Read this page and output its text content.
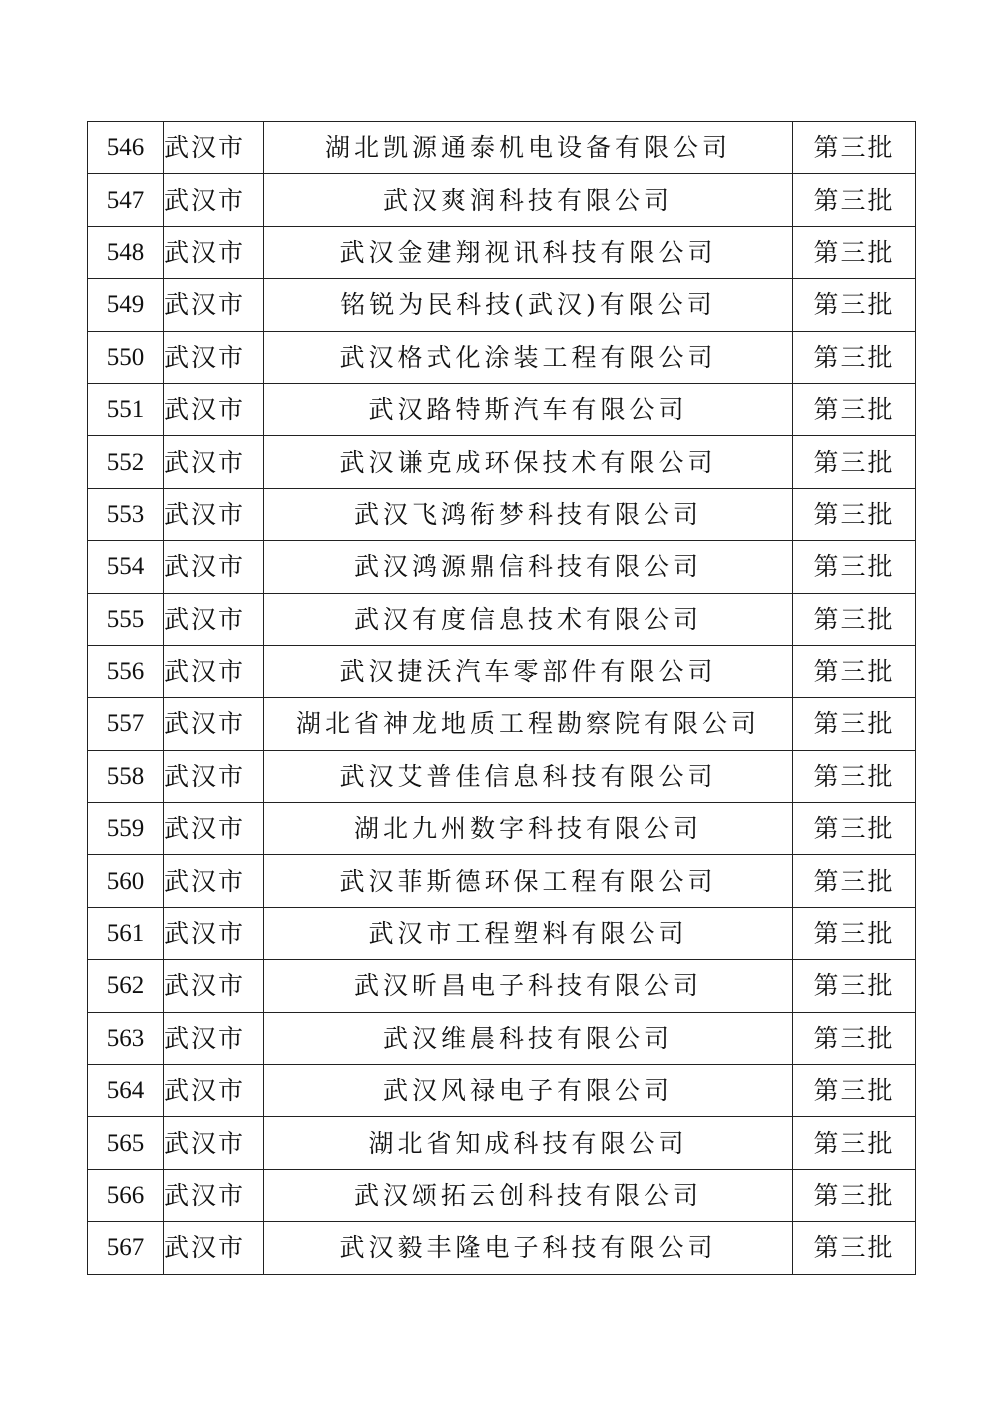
546	武汉市	湖北凯源通泰机电设备有限公司	第三批
547	武汉市	武汉爽润科技有限公司	第三批
548	武汉市	武汉金建翔视讯科技有限公司	第三批
549	武汉市	铭锐为民科技(武汉)有限公司	第三批
550	武汉市	武汉格式化涂装工程有限公司	第三批
551	武汉市	武汉路特斯汽车有限公司	第三批
552	武汉市	武汉谦克成环保技术有限公司	第三批
553	武汉市	武汉飞鸿衔梦科技有限公司	第三批
554	武汉市	武汉鸿源鼎信科技有限公司	第三批
555	武汉市	武汉有度信息技术有限公司	第三批
556	武汉市	武汉捷沃汽车零部件有限公司	第三批
557	武汉市	湖北省神龙地质工程勘察院有限公司	第三批
558	武汉市	武汉艾普佳信息科技有限公司	第三批
559	武汉市	湖北九州数字科技有限公司	第三批
560	武汉市	武汉菲斯德环保工程有限公司	第三批
561	武汉市	武汉市工程塑料有限公司	第三批
562	武汉市	武汉昕昌电子科技有限公司	第三批
563	武汉市	武汉维晨科技有限公司	第三批
564	武汉市	武汉风禄电子有限公司	第三批
565	武汉市	湖北省知成科技有限公司	第三批
566	武汉市	武汉颂拓云创科技有限公司	第三批
567	武汉市	武汉毅丰隆电子科技有限公司	第三批
